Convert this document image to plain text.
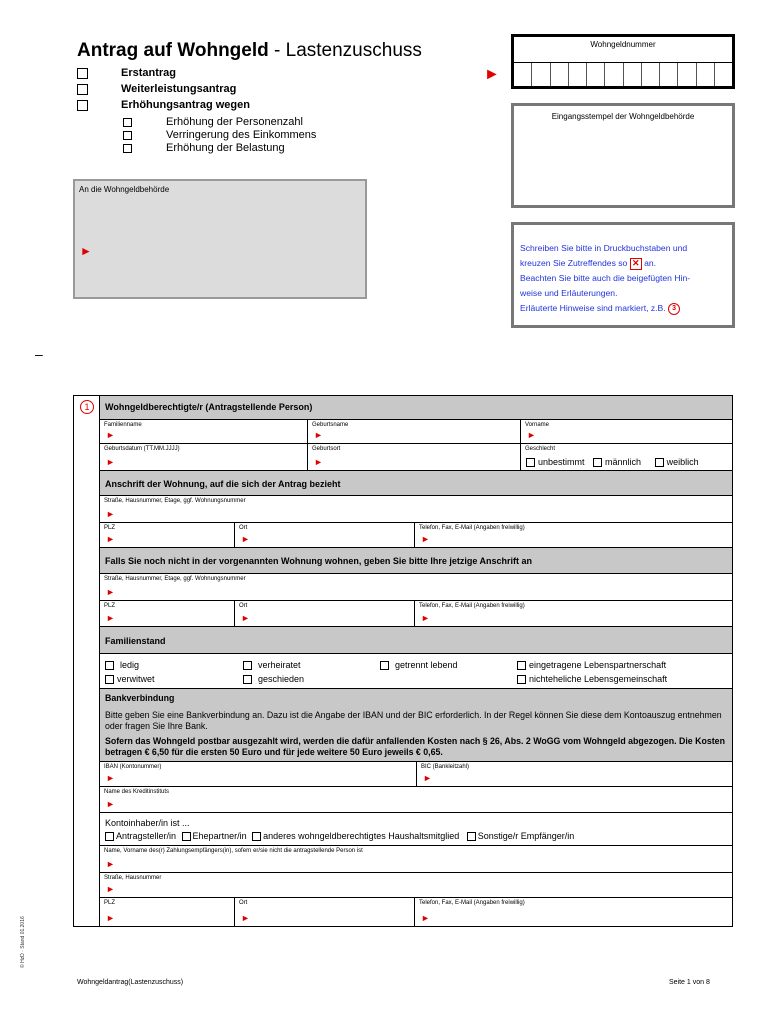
Antrag auf Wohngeld - Lastenzuschuss
Erstantrag
Weiterleistungsantrag
Erhöhungsantrag wegen
Erhöhung der Personenzahl
Verringerung des Einkommens
Erhöhung der Belastung
►
Wohngeldnummer
Eingangsstempel der Wohngeldbehörde
An die Wohngeldbehörde
►	Schreiben Sie bitte in Druckbuchstaben und
kreuzen Sie Zutreffendes so ✕ an.
Beachten Sie bitte auch die beigefügten Hin-
weise und Erläuterungen.
Erläuterte Hinweise sind markiert, z.B. 3
–
1	Wohngeldberechtigte/r (Antragstellende Person)
Familienname
►
Geburtsname
►
Vorname
►
Geburtsdatum (TT.MM.JJJJ)
►
Geburtsort
►
Geschlecht
unbestimmt männlich	weiblich
Anschrift der Wohnung, auf die sich der Antrag bezieht
Straße, Hausnummer, Etage, ggf. Wohnungsnummer
►
PLZ
►
Ort
►
Telefon, Fax, E-Mail (Angaben freiwillig)
►
Falls Sie noch nicht in der vorgenannten Wohnung wohnen, geben Sie bitte Ihre jetzige Anschrift an
Straße, Hausnummer, Etage, ggf. Wohnungsnummer
►
PLZ
►
Ort
►
Telefon, Fax, E-Mail (Angaben freiwillig)
►
Familienstand
ledig	verheiratet	getrennt lebend	eingetragene Lebenspartnerschaft
verwitwet	geschieden	nichteheliche Lebensgemeinschaft
Bankverbindung
Bitte geben Sie eine Bankverbindung an. Dazu ist die Angabe der IBAN und der BIC erforderlich. In der Regel können Sie diese dem Kontoauszug entnehmen oder fragen Sie Ihre Bank.
Sofern das Wohngeld postbar ausgezahlt wird, werden die dafür anfallenden Kosten nach § 26, Abs. 2 WoGG vom Wohngeld abgezogen. Die Kosten betragen € 6,50 für die ersten 50 Euro und für jede weitere 50 Euro jeweils € 0,65.
IBAN (Kontonummer)
►
BIC (Bankleitzahl)
►
Name des Kreditinstituts
►
Kontoinhaber/in ist ...
Antragsteller/in Ehepartner/in anderes wohngeldberechtigtes Haushaltsmitglied Sonstige/r Empfänger/in
Name, Vorname des(r) Zahlungsempfängers(in), sofern er/sie nicht die antragstellende Person ist
►
Straße, Hausnummer
►
PLZ
►
Ort
►
Telefon, Fax, E-Mail (Angaben freiwillig)
►
© HzD · Stand 01.2016
Wohngeldantrag(Lastenzuschuss)	Seite 1 von 8
